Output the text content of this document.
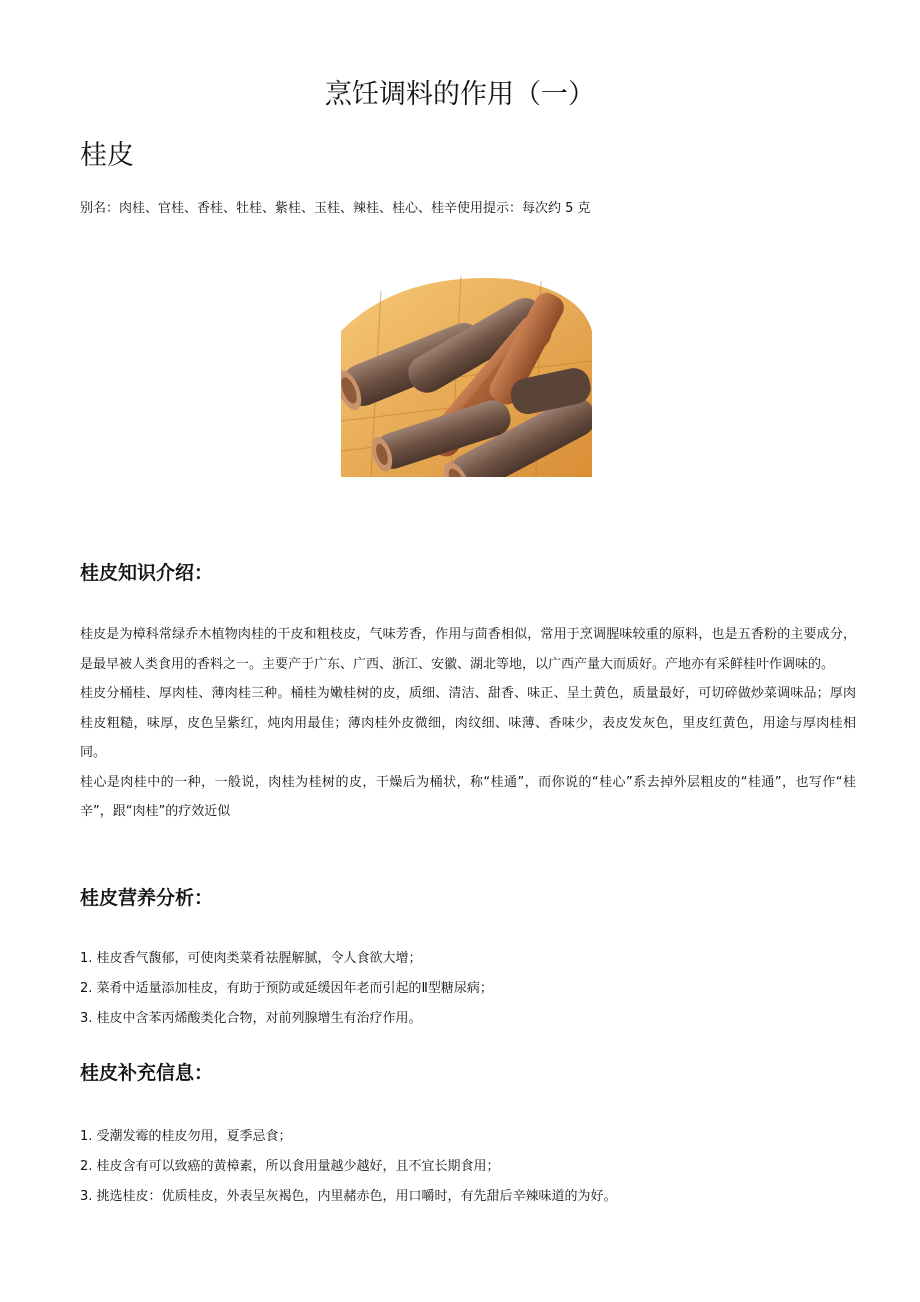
烹饪调料的作用（一）
桂皮

别名：肉桂、官桂、香桂、牡桂、紫桂、玉桂、辣桂、桂心、桂辛使用提示：每次约 5 克

桂皮知识介绍：

桂皮是为樟科常绿乔木植物肉桂的干皮和粗枝皮，气味芳香，作用与茴香相似，常用于烹调腥味较重的原料，也是五香粉的主要成分，是最早被人类食用的香料之一。主要产于广东、广西、浙江、安徽、湖北等地，以广西产量大而质好。产地亦有采鲜桂叶作调味的。

桂皮分桶桂、厚肉桂、薄肉桂三种。桶桂为嫩桂树的皮，质细、清洁、甜香、味正、呈土黄色，质量最好，可切碎做炒菜调味品；厚肉桂皮粗糙，味厚，皮色呈紫红，炖肉用最佳；薄肉桂外皮微细，肉纹细、味薄、香味少，表皮发灰色，里皮红黄色，用途与厚肉桂相同。

桂心是肉桂中的一种，一般说，肉桂为桂树的皮，干燥后为桶状，称“桂通”，而你说的“桂心”系去掉外层粗皮的“桂通”，也写作“桂辛”，跟“肉桂”的疗效近似

桂皮营养分析：
1. 桂皮香气馥郁，可使肉类菜肴祛腥解腻，令人食欲大增；
2. 菜肴中适量添加桂皮，有助于预防或延缓因年老而引起的Ⅱ型糖尿病；
3. 桂皮中含苯丙烯酸类化合物，对前列腺增生有治疗作用。
桂皮补充信息：
1. 受潮发霉的桂皮勿用，夏季忌食；
2. 桂皮含有可以致癌的黄樟素，所以食用量越少越好，且不宜长期食用；
3. 挑选桂皮：优质桂皮，外表呈灰褐色，内里赭赤色，用口嚼时，有先甜后辛辣味道的为好。
